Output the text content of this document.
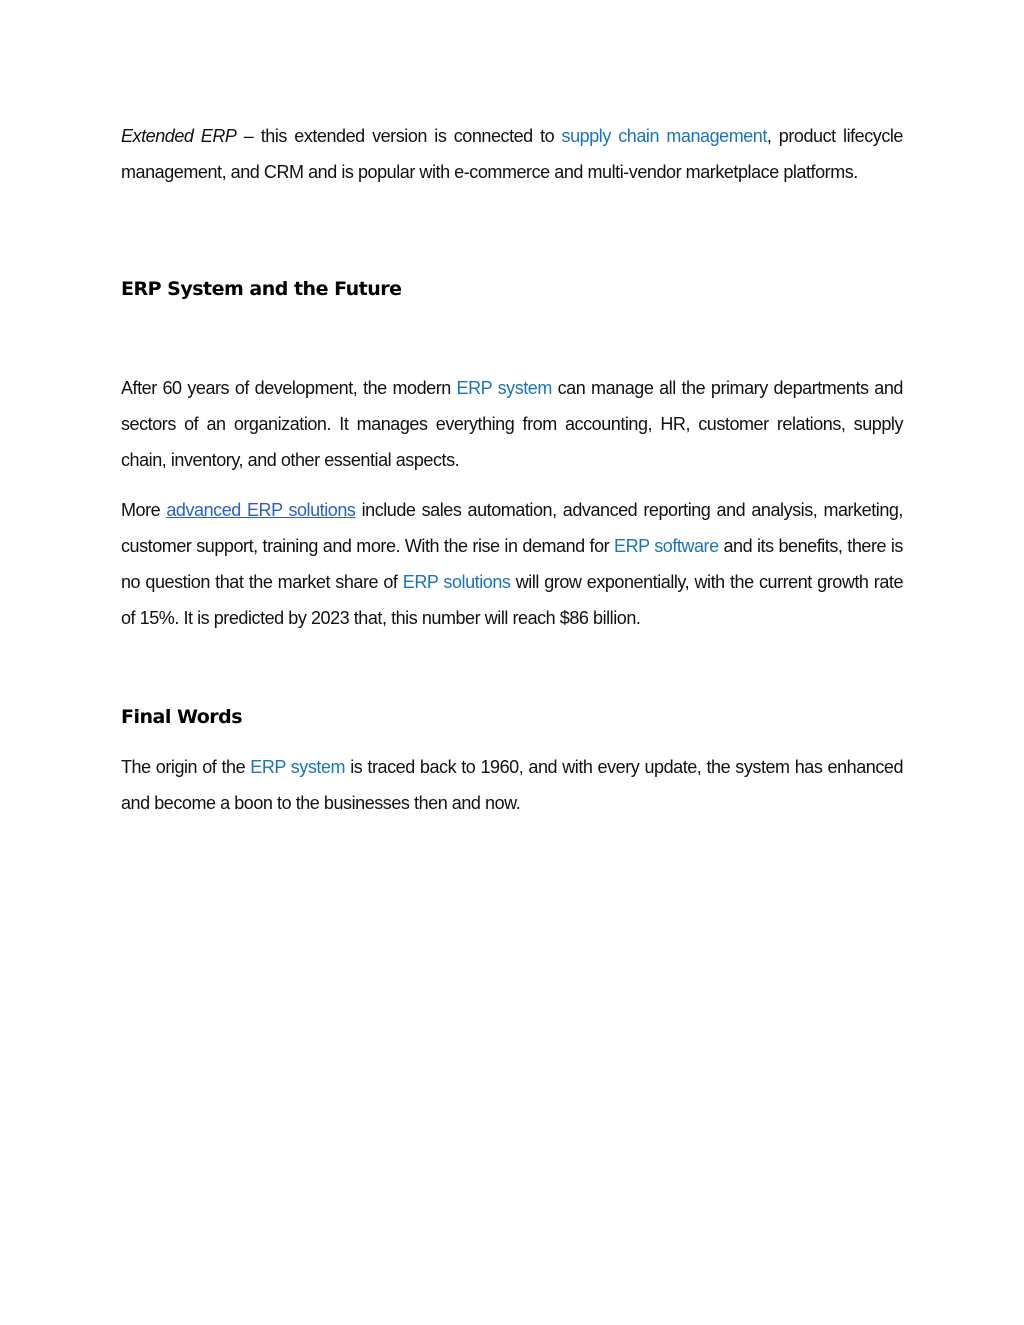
Extended ERP – this extended version is connected to supply chain management, product lifecycle management, and CRM and is popular with e-commerce and multi-vendor marketplace platforms.

ERP System and the Future

After 60 years of development, the modern ERP system can manage all the primary departments and sectors of an organization. It manages everything from accounting, HR, customer relations, supply chain, inventory, and other essential aspects.

More advanced ERP solutions include sales automation, advanced reporting and analysis, marketing, customer support, training and more. With the rise in demand for ERP software and its benefits, there is no question that the market share of ERP solutions will grow exponentially, with the current growth rate of 15%. It is predicted by 2023 that, this number will reach $86 billion.

Final Words

The origin of the ERP system is traced back to 1960, and with every update, the system has enhanced and become a boon to the businesses then and now.
